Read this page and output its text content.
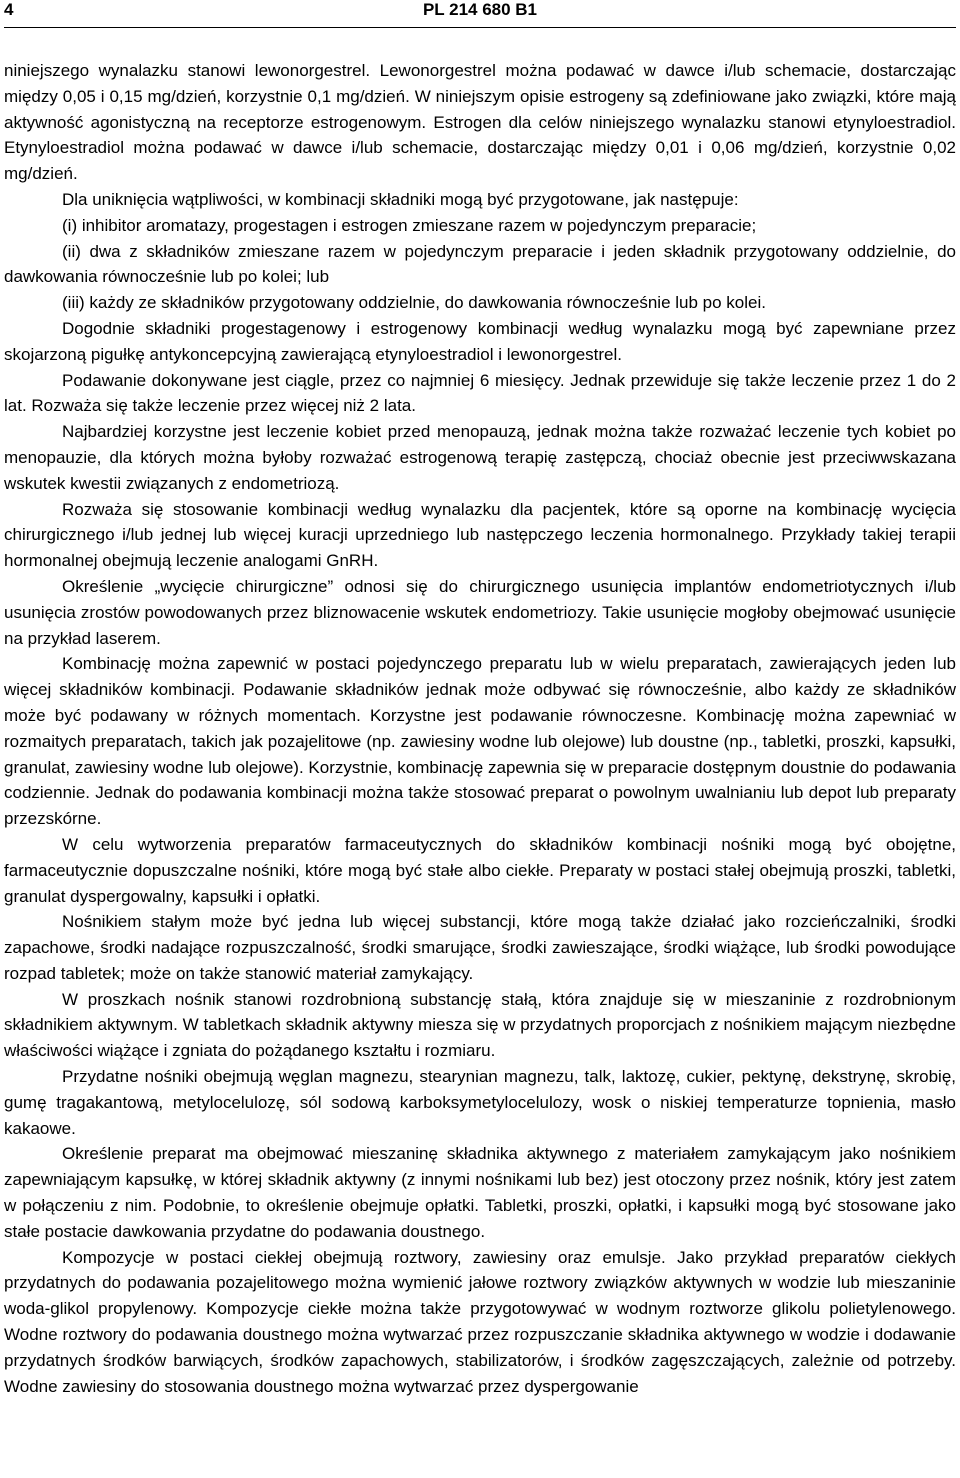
4	PL 214 680 B1

niniejszego wynalazku stanowi lewonorgestrel. Lewonorgestrel można podawać w dawce i/lub schemacie, dostarczając między 0,05 i 0,15 mg/dzień, korzystnie 0,1 mg/dzień. W niniejszym opisie estrogeny są zdefiniowane jako związki, które mają aktywność agonistyczną na receptorze estrogenowym. Estrogen dla celów niniejszego wynalazku stanowi etynyloestradiol. Etynyloestradiol można podawać w dawce i/lub schemacie, dostarczając między 0,01 i 0,06 mg/dzień, korzystnie 0,02 mg/dzień.

Dla uniknięcia wątpliwości, w kombinacji składniki mogą być przygotowane, jak następuje:

(i) inhibitor aromatazy, progestagen i estrogen zmieszane razem w pojedynczym preparacie;

(ii) dwa z składników zmieszane razem w pojedynczym preparacie i jeden składnik przygotowany oddzielnie, do dawkowania równocześnie lub po kolei; lub

(iii) każdy ze składników przygotowany oddzielnie, do dawkowania równocześnie lub po kolei.

Dogodnie składniki progestagenowy i estrogenowy kombinacji według wynalazku mogą być zapewniane przez skojarzoną pigułkę antykoncepcyjną zawierającą etynyloestradiol i lewonorgestrel.

Podawanie dokonywane jest ciągle, przez co najmniej 6 miesięcy. Jednak przewiduje się także leczenie przez 1 do 2 lat. Rozważa się także leczenie przez więcej niż 2 lata.

Najbardziej korzystne jest leczenie kobiet przed menopauzą, jednak można także rozważać leczenie tych kobiet po menopauzie, dla których można byłoby rozważać estrogenową terapię zastępczą, chociaż obecnie jest przeciwwskazana wskutek kwestii związanych z endometriozą.

Rozważa się stosowanie kombinacji według wynalazku dla pacjentek, które są oporne na kombinację wycięcia chirurgicznego i/lub jednej lub więcej kuracji uprzedniego lub następczego leczenia hormonalnego. Przykłady takiej terapii hormonalnej obejmują leczenie analogami GnRH.

Określenie „wycięcie chirurgiczne” odnosi się do chirurgicznego usunięcia implantów endometriotycznych i/lub usunięcia zrostów powodowanych przez bliznowacenie wskutek endometriozy. Takie usunięcie mogłoby obejmować usunięcie na przykład laserem.

Kombinację można zapewnić w postaci pojedynczego preparatu lub w wielu preparatach, zawierających jeden lub więcej składników kombinacji. Podawanie składników jednak może odbywać się równocześnie, albo każdy ze składników może być podawany w różnych momentach. Korzystne jest podawanie równoczesne. Kombinację można zapewniać w rozmaitych preparatach, takich jak pozajelitowe (np. zawiesiny wodne lub olejowe) lub doustne (np., tabletki, proszki, kapsułki, granulat, zawiesiny wodne lub olejowe). Korzystnie, kombinację zapewnia się w preparacie dostępnym doustnie do podawania codziennie. Jednak do podawania kombinacji można także stosować preparat o powolnym uwalnianiu lub depot lub preparaty przezskórne.

W celu wytworzenia preparatów farmaceutycznych do składników kombinacji nośniki mogą być obojętne, farmaceutycznie dopuszczalne nośniki, które mogą być stałe albo ciekłe. Preparaty w postaci stałej obejmują proszki, tabletki, granulat dyspergowalny, kapsułki i opłatki.

Nośnikiem stałym może być jedna lub więcej substancji, które mogą także działać jako rozcieńczalniki, środki zapachowe, środki nadające rozpuszczalność, środki smarujące, środki zawieszające, środki wiążące, lub środki powodujące rozpad tabletek; może on także stanowić materiał zamykający.

W proszkach nośnik stanowi rozdrobnioną substancję stałą, która znajduje się w mieszaninie z rozdrobnionym składnikiem aktywnym. W tabletkach składnik aktywny miesza się w przydatnych proporcjach z nośnikiem mającym niezbędne właściwości wiążące i zgniata do pożądanego kształtu i rozmiaru.

Przydatne nośniki obejmują węglan magnezu, stearynian magnezu, talk, laktozę, cukier, pektynę, dekstrynę, skrobię, gumę tragakantową, metylocelulozę, sól sodową karboksymetylocelulozy, wosk o niskiej temperaturze topnienia, masło kakaowe.

Określenie preparat ma obejmować mieszaninę składnika aktywnego z materiałem zamykającym jako nośnikiem zapewniającym kapsułkę, w której składnik aktywny (z innymi nośnikami lub bez) jest otoczony przez nośnik, który jest zatem w połączeniu z nim. Podobnie, to określenie obejmuje opłatki. Tabletki, proszki, opłatki, i kapsułki mogą być stosowane jako stałe postacie dawkowania przydatne do podawania doustnego.

Kompozycje w postaci ciekłej obejmują roztwory, zawiesiny oraz emulsje. Jako przykład preparatów ciekłych przydatnych do podawania pozajelitowego można wymienić jałowe roztwory związków aktywnych w wodzie lub mieszaninie woda-glikol propylenowy. Kompozycje ciekłe można także przygotowywać w wodnym roztworze glikolu polietylenowego. Wodne roztwory do podawania doustnego można wytwarzać przez rozpuszczanie składnika aktywnego w wodzie i dodawanie przydatnych środków barwiących, środków zapachowych, stabilizatorów, i środków zagęszczających, zależnie od potrzeby. Wodne zawiesiny do stosowania doustnego można wytwarzać przez dyspergowanie
